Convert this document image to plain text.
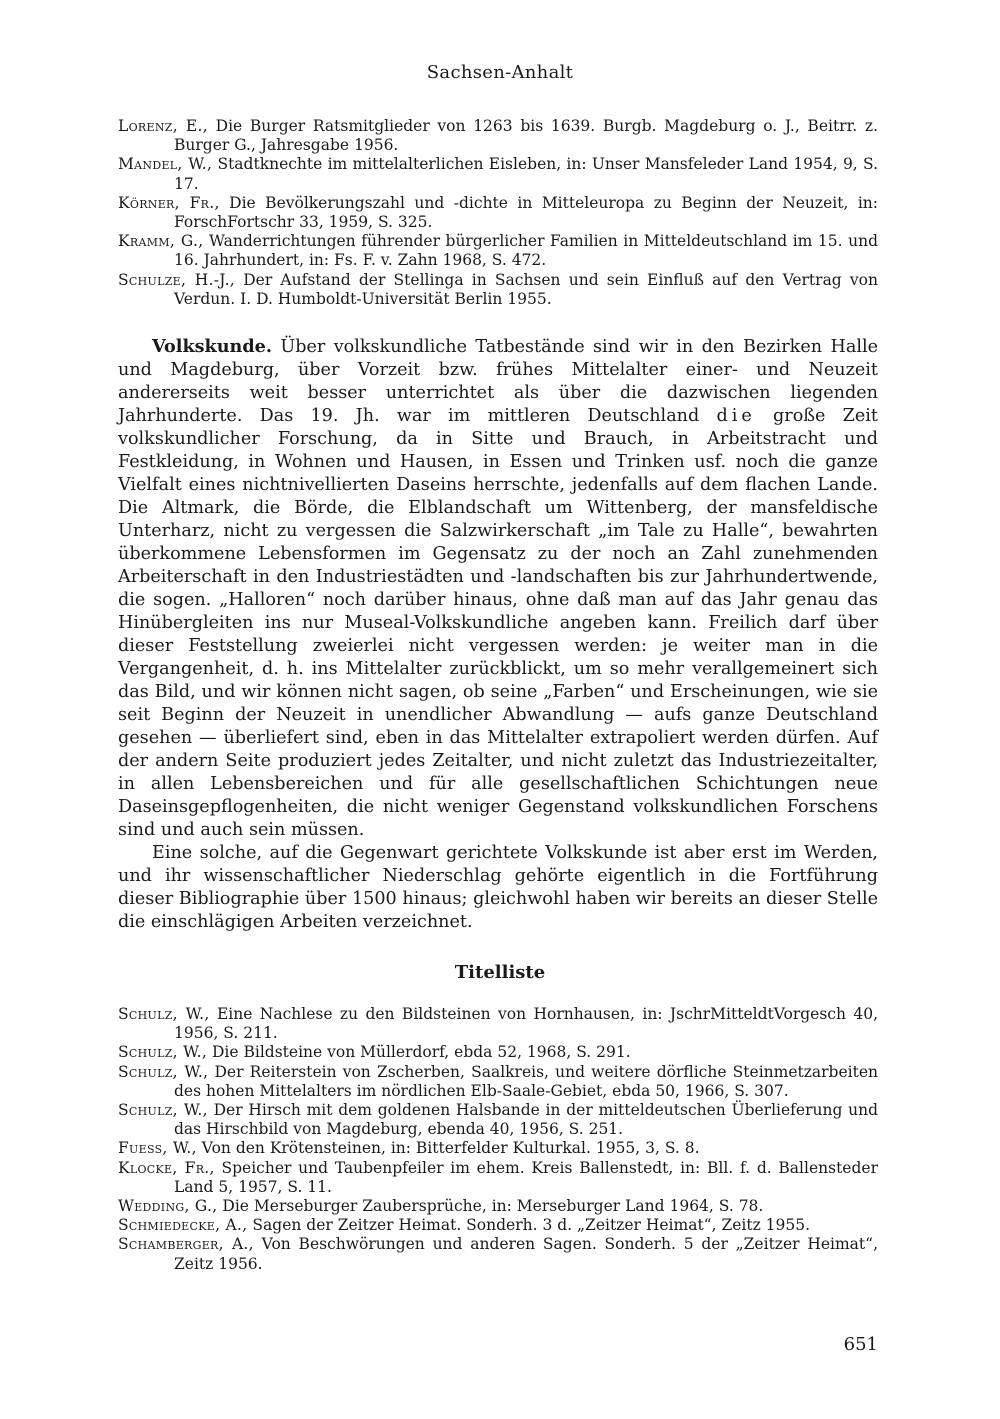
Sachsen-Anhalt

Lorenz, E., Die Burger Ratsmitglieder von 1263 bis 1639. Burgb. Magdeburg o. J., Beitrr. z. Burger G., Jahresgabe 1956.

Mandel, W., Stadtknechte im mittelalterlichen Eisleben, in: Unser Mansfeleder Land 1954, 9, S. 17.

Körner, Fr., Die Bevölkerungszahl und -dichte in Mitteleuropa zu Beginn der Neuzeit, in: ForschFortschr 33, 1959, S. 325.

Kramm, G., Wanderrichtungen führender bürgerlicher Familien in Mitteldeutschland im 15. und 16. Jahrhundert, in: Fs. F. v. Zahn 1968, S. 472.

Schulze, H.-J., Der Aufstand der Stellinga in Sachsen und sein Einfluß auf den Vertrag von Verdun. I. D. Humboldt-Universität Berlin 1955.

Volkskunde. Über volkskundliche Tatbestände sind wir in den Bezirken Halle und Magdeburg, über Vorzeit bzw. frühes Mittelalter einer- und Neuzeit andererseits weit besser unterrichtet als über die dazwischen liegenden Jahrhunderte. Das 19. Jh. war im mittleren Deutschland die große Zeit volkskundlicher Forschung, da in Sitte und Brauch, in Arbeitstracht und Festkleidung, in Wohnen und Hausen, in Essen und Trinken usf. noch die ganze Vielfalt eines nichtnivellierten Daseins herrschte, jedenfalls auf dem flachen Lande. Die Altmark, die Börde, die Elblandschaft um Wittenberg, der mansfeldische Unterharz, nicht zu vergessen die Salzwirkerschaft „im Tale zu Halle“, bewahrten überkommene Lebensformen im Gegensatz zu der noch an Zahl zunehmenden Arbeiterschaft in den Industriestädten und -landschaften bis zur Jahrhundertwende, die sogen. „Halloren“ noch darüber hinaus, ohne daß man auf das Jahr genau das Hinübergleiten ins nur Museal-Volkskundliche angeben kann. Freilich darf über dieser Feststellung zweierlei nicht vergessen werden: je weiter man in die Vergangenheit, d. h. ins Mittelalter zurückblickt, um so mehr verallgemeinert sich das Bild, und wir können nicht sagen, ob seine „Farben“ und Erscheinungen, wie sie seit Beginn der Neuzeit in unendlicher Abwandlung — aufs ganze Deutschland gesehen — überliefert sind, eben in das Mittelalter extrapoliert werden dürfen. Auf der andern Seite produziert jedes Zeitalter, und nicht zuletzt das Industriezeitalter, in allen Lebensbereichen und für alle gesellschaftlichen Schichtungen neue Daseinsgepflogenheiten, die nicht weniger Gegenstand volkskundlichen Forschens sind und auch sein müssen.

Eine solche, auf die Gegenwart gerichtete Volkskunde ist aber erst im Werden, und ihr wissenschaftlicher Niederschlag gehörte eigentlich in die Fortführung dieser Bibliographie über 1500 hinaus; gleichwohl haben wir bereits an dieser Stelle die einschlägigen Arbeiten verzeichnet.

Titelliste

Schulz, W., Eine Nachlese zu den Bildsteinen von Hornhausen, in: JschrMitteldtVorgesch 40, 1956, S. 211.

Schulz, W., Die Bildsteine von Müllerdorf, ebda 52, 1968, S. 291.

Schulz, W., Der Reiterstein von Zscherben, Saalkreis, und weitere dörfliche Steinmetzarbeiten des hohen Mittelalters im nördlichen Elb-Saale-Gebiet, ebda 50, 1966, S. 307.

Schulz, W., Der Hirsch mit dem goldenen Halsbande in der mitteldeutschen Überlieferung und das Hirschbild von Magdeburg, ebenda 40, 1956, S. 251.

Fuess, W., Von den Krötensteinen, in: Bitterfelder Kulturkal. 1955, 3, S. 8.

Klocke, Fr., Speicher und Taubenpfeiler im ehem. Kreis Ballenstedt, in: Bll. f. d. Ballensteder Land 5, 1957, S. 11.

Wedding, G., Die Merseburger Zaubersprüche, in: Merseburger Land 1964, S. 78.

Schmiedecke, A., Sagen der Zeitzer Heimat. Sonderh. 3 d. „Zeitzer Heimat“, Zeitz 1955.

Schamberger, A., Von Beschwörungen und anderen Sagen. Sonderh. 5 der „Zeitzer Heimat“, Zeitz 1956.

651
